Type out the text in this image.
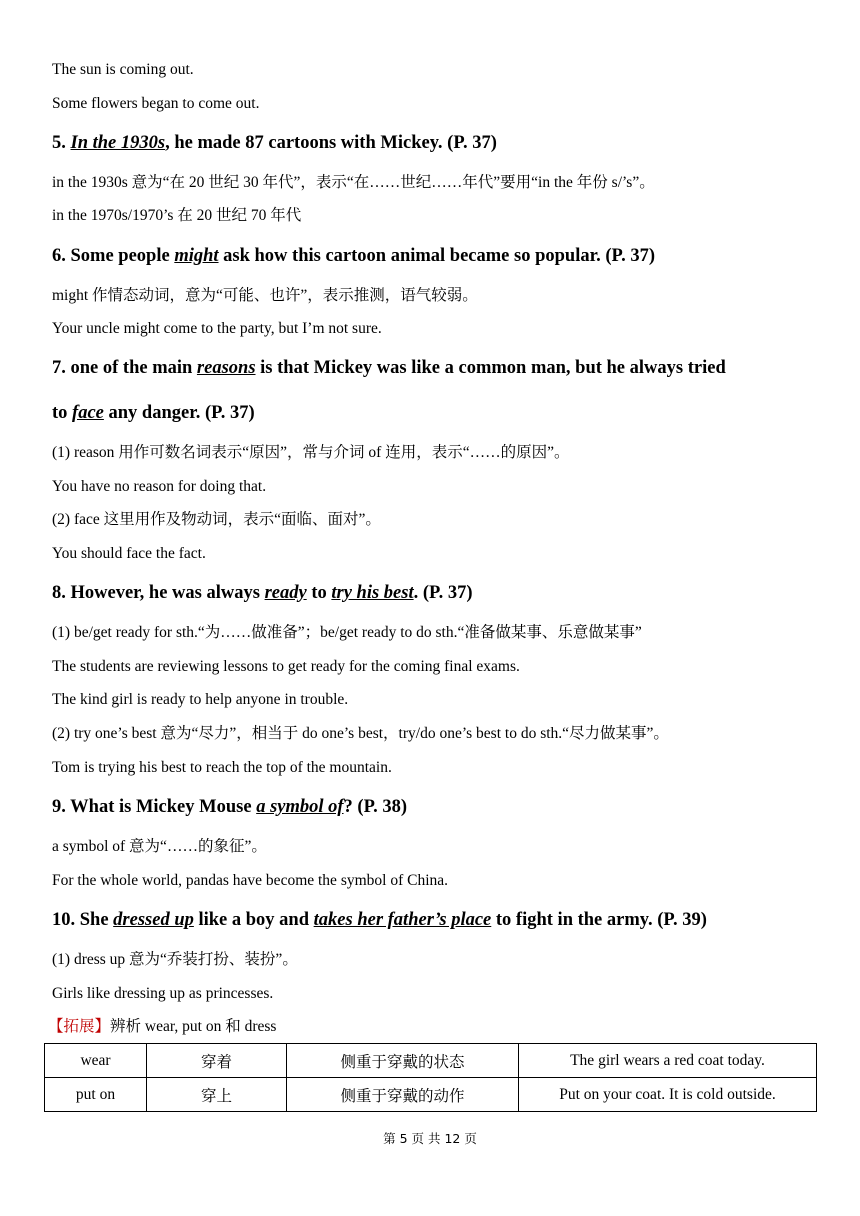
The sun is coming out.
Some flowers began to come out.
5. In the 1930s, he made 87 cartoons with Mickey. (P. 37)
in the 1930s 意为“在 20 世纪 30 年代”，表示“在……世纪……年代”要用“in the 年份 s/’s”。
in the 1970s/1970’s 在 20 世纪 70 年代
6. Some people might ask how this cartoon animal became so popular. (P. 37)
might 作情态动词，意为“可能、也许”，表示推测，语气较弱。
Your uncle might come to the party, but I’m not sure.
7. one of the main reasons is that Mickey was like a common man, but he always tried
to face any danger. (P. 37)
(1) reason 用作可数名词表示“原因”，常与介词 of 连用，表示“……的原因”。
You have no reason for doing that.
(2) face 这里用作及物动词，表示“面临、面对”。
You should face the fact.
8. However, he was always ready to try his best. (P. 37)
(1) be/get ready for sth.“为……做准备”；be/get ready to do sth.“准备做某事、乐意做某事”
The students are reviewing lessons to get ready for the coming final exams.
The kind girl is ready to help anyone in trouble.
(2) try one’s best 意为“尽力”，相当于 do one’s best，try/do one’s best to do sth.“尽力做某事”。
Tom is trying his best to reach the top of the mountain.
9. What is Mickey Mouse a symbol of? (P. 38)
a symbol of 意为“……的象征”。
For the whole world, pandas have become the symbol of China.
10. She dressed up like a boy and takes her father’s place to fight in the army. (P. 39)
(1) dress up 意为“乔装打扮、装扮”。
Girls like dressing up as princesses.
【拓展】辨析 wear, put on 和 dress
wear	穿着	侧重于穿戴的状态	The girl wears a red coat today.
put on	穿上	侧重于穿戴的动作	Put on your coat. It is cold outside.
第 5 页 共 12 页
